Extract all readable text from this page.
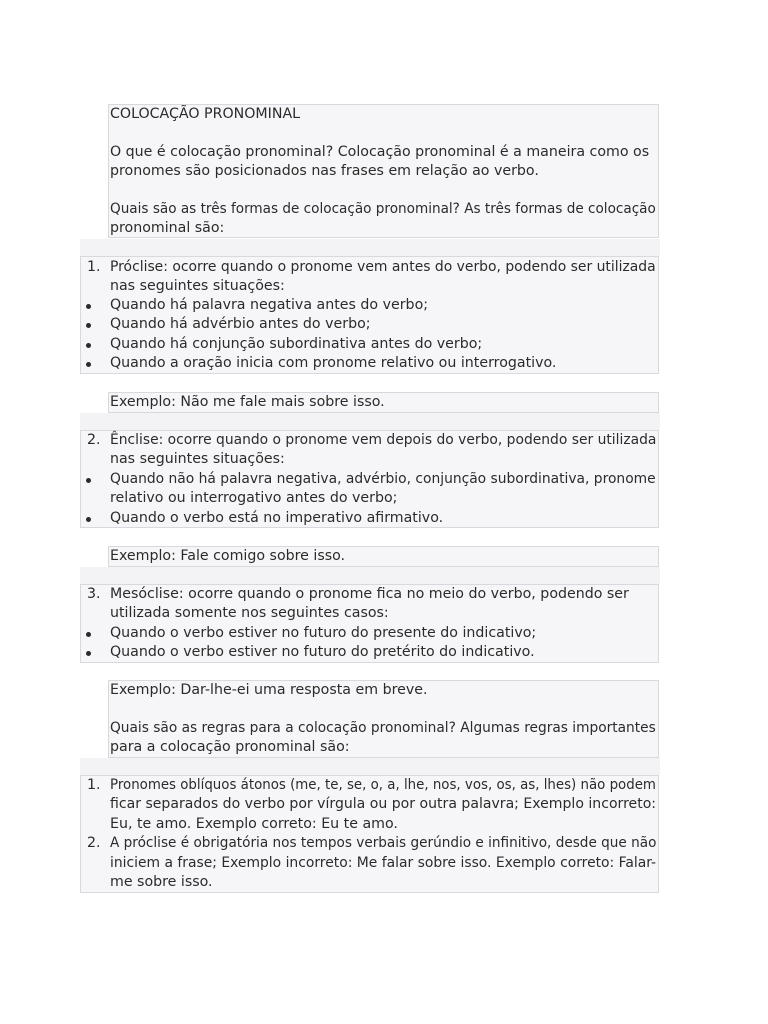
COLOCAÇÃO PRONOMINAL
O que é colocação pronominal? Colocação pronominal é a maneira como os
pronomes são posicionados nas frases em relação ao verbo.
Quais são as três formas de colocação pronominal? As três formas de colocação
pronominal são:
1. Próclise: ocorre quando o pronome vem antes do verbo, podendo ser utilizada
nas seguintes situações:
Quando há palavra negativa antes do verbo;
Quando há advérbio antes do verbo;
Quando há conjunção subordinativa antes do verbo;
Quando a oração inicia com pronome relativo ou interrogativo.
Exemplo: Não me fale mais sobre isso.
2. Ênclise: ocorre quando o pronome vem depois do verbo, podendo ser utilizada
nas seguintes situações:
Quando não há palavra negativa, advérbio, conjunção subordinativa, pronome
relativo ou interrogativo antes do verbo;
Quando o verbo está no imperativo afirmativo.
Exemplo: Fale comigo sobre isso.
3. Mesóclise: ocorre quando o pronome fica no meio do verbo, podendo ser
utilizada somente nos seguintes casos:
Quando o verbo estiver no futuro do presente do indicativo;
Quando o verbo estiver no futuro do pretérito do indicativo.
Exemplo: Dar-lhe-ei uma resposta em breve.
Quais são as regras para a colocação pronominal? Algumas regras importantes
para a colocação pronominal são:
1. Pronomes oblíquos átonos (me, te, se, o, a, lhe, nos, vos, os, as, lhes) não podem
ficar separados do verbo por vírgula ou por outra palavra; Exemplo incorreto:
Eu, te amo. Exemplo correto: Eu te amo.
2. A próclise é obrigatória nos tempos verbais gerúndio e infinitivo, desde que não
iniciem a frase; Exemplo incorreto: Me falar sobre isso. Exemplo correto: Falar-
me sobre isso.
